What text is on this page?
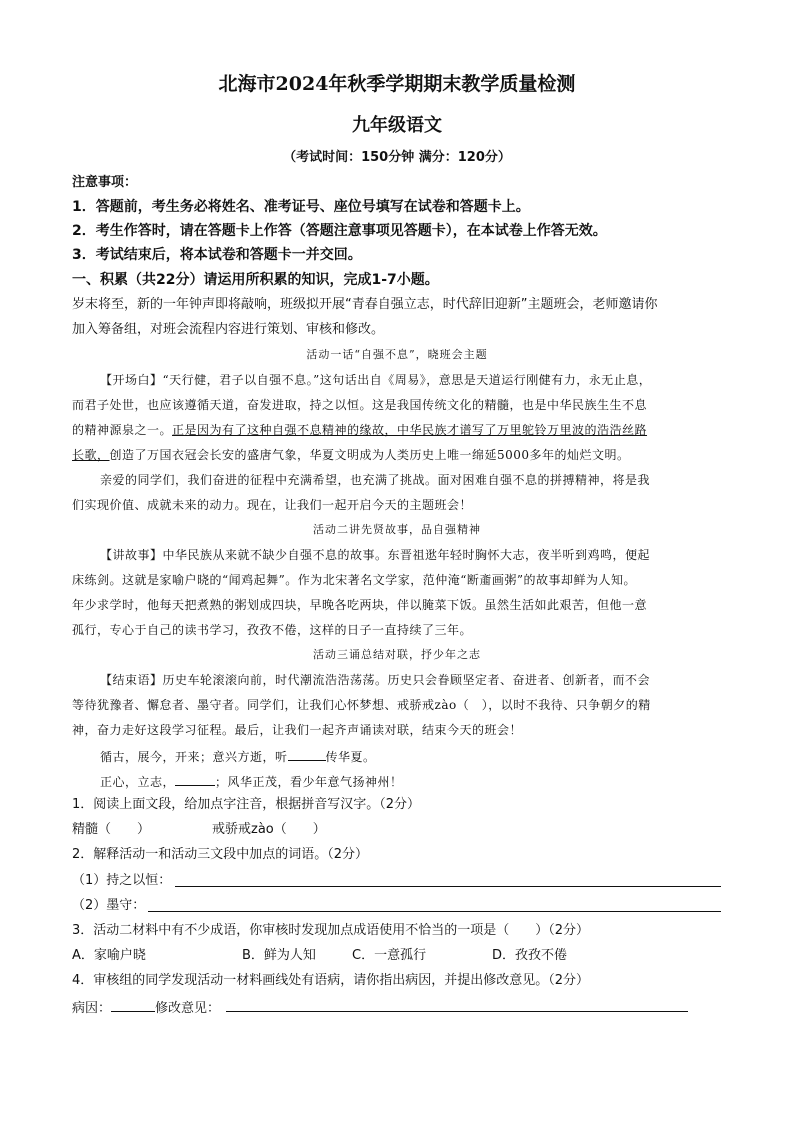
北海市2024年秋季学期期末教学质量检测
九年级语文
（考试时间：150分钟 满分：120分）
注意事项：
1．答题前，考生务必将姓名、准考证号、座位号填写在试卷和答题卡上。
2．考生作答时，请在答题卡上作答（答题注意事项见答题卡），在本试卷上作答无效。
3．考试结束后，将本试卷和答题卡一并交回。
一、积累（共22分）请运用所积累的知识，完成1-7小题。
岁末将至，新的一年钟声即将敲响，班级拟开展“青春自强立志，时代辞旧迎新”主题班会，老师邀请你
加入筹备组，对班会流程内容进行策划、审核和修改。
活动一话“自强不息”，晓班会主题
【开场白】“天行健，君子以自强不息。”这句话出自《周易》，意思是天道运行刚健有力，永无止息，
而君子处世，也应该遵循天道，奋发进取，持之以恒。这是我国传统文化的精髓，也是中华民族生生不息
的精神源泉之一。正是因为有了这种自强不息精神的缘故，中华民族才谱写了万里鸵铃万里波的浩浩丝路
长歌，创造了万国衣冠会长安的盛唐气象，华夏文明成为人类历史上唯一绵延5000多年的灿烂文明。
亲爱的同学们，我们奋进的征程中充满希望，也充满了挑战。面对困难自强不息的拼搏精神，将是我
们实现价值、成就未来的动力。现在，让我们一起开启今天的主题班会！
活动二讲先贤故事，品自强精神
【讲故事】中华民族从来就不缺少自强不息的故事。东晋祖逖年轻时胸怀大志，夜半听到鸡鸣，便起
床练剑。这就是家喻户晓的“闻鸡起舞”。作为北宋著名文学家，范仲淹“断齑画粥”的故事却鲜为人知。
年少求学时，他每天把煮熟的粥划成四块，早晚各吃两块，伴以腌菜下饭。虽然生活如此艰苦，但他一意
孤行，专心于自己的读书学习，孜孜不倦，这样的日子一直持续了三年。
活动三诵总结对联，抒少年之志
【结束语】历史车轮滚滚向前，时代潮流浩浩荡荡。历史只会眷顾坚定者、奋进者、创新者，而不会
等待犹豫者、懈怠者、墨守者。同学们，让我们心怀梦想、戒骄戒zào（　），以时不我待、只争朝夕的精
神，奋力走好这段学习征程。最后，让我们一起齐声诵读对联，结束今天的班会！
循古，展今，开来；意兴方逝，听	传华夏。
正心，立志，	；风华正茂，看少年意气扬神州！
1．阅读上面文段，给加点字注音，根据拼音写汉字。（2分）
精髓（　　）	戒骄戒zào（　　）
2．解释活动一和活动三文段中加点的词语。（2分）
（1）持之以恒：
（2）墨守：
3．活动二材料中有不少成语，你审核时发现加点成语使用不恰当的一项是（　　）（2分）
A．家喻户晓	B．鲜为人知	C．一意孤行	D．孜孜不倦
4．审核组的同学发现活动一材料画线处有语病，请你指出病因，并提出修改意见。（2分）
病因：	修改意见：
